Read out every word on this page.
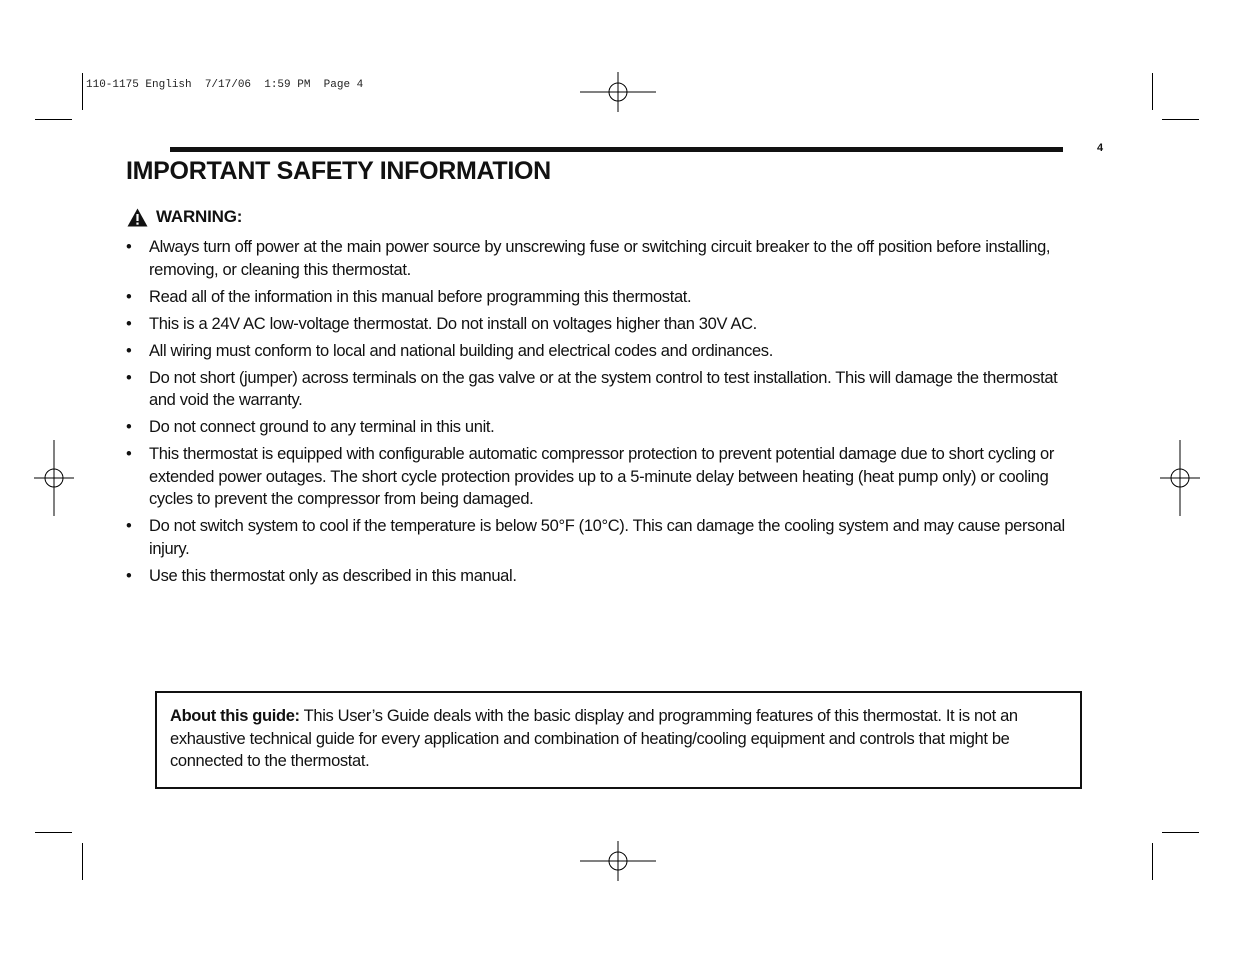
110-1175 English  7/17/06  1:59 PM  Page 4
4
IMPORTANT SAFETY INFORMATION
WARNING:
• Always turn off power at the main power source by unscrewing fuse or switching circuit breaker to the off position before installing, removing, or cleaning this thermostat.
• Read all of the information in this manual before programming this thermostat.
• This is a 24V AC low-voltage thermostat. Do not install on voltages higher than 30V AC.
• All wiring must conform to local and national building and electrical codes and ordinances.
• Do not short (jumper) across terminals on the gas valve or at the system control to test installation. This will damage the thermostat and void the warranty.
• Do not connect ground to any terminal in this unit.
• This thermostat is equipped with configurable automatic compressor protection to prevent potential damage due to short cycling or extended power outages. The short cycle protection provides up to a 5-minute delay between heating (heat pump only) or cooling cycles to prevent the compressor from being damaged.
• Do not switch system to cool if the temperature is below 50°F (10°C). This can damage the cooling system and may cause personal injury.
• Use this thermostat only as described in this manual.
About this guide: This User’s Guide deals with the basic display and programming features of this thermostat. It is not an exhaustive technical guide for every application and combination of heating/cooling equipment and controls that might be connected to the thermostat.
